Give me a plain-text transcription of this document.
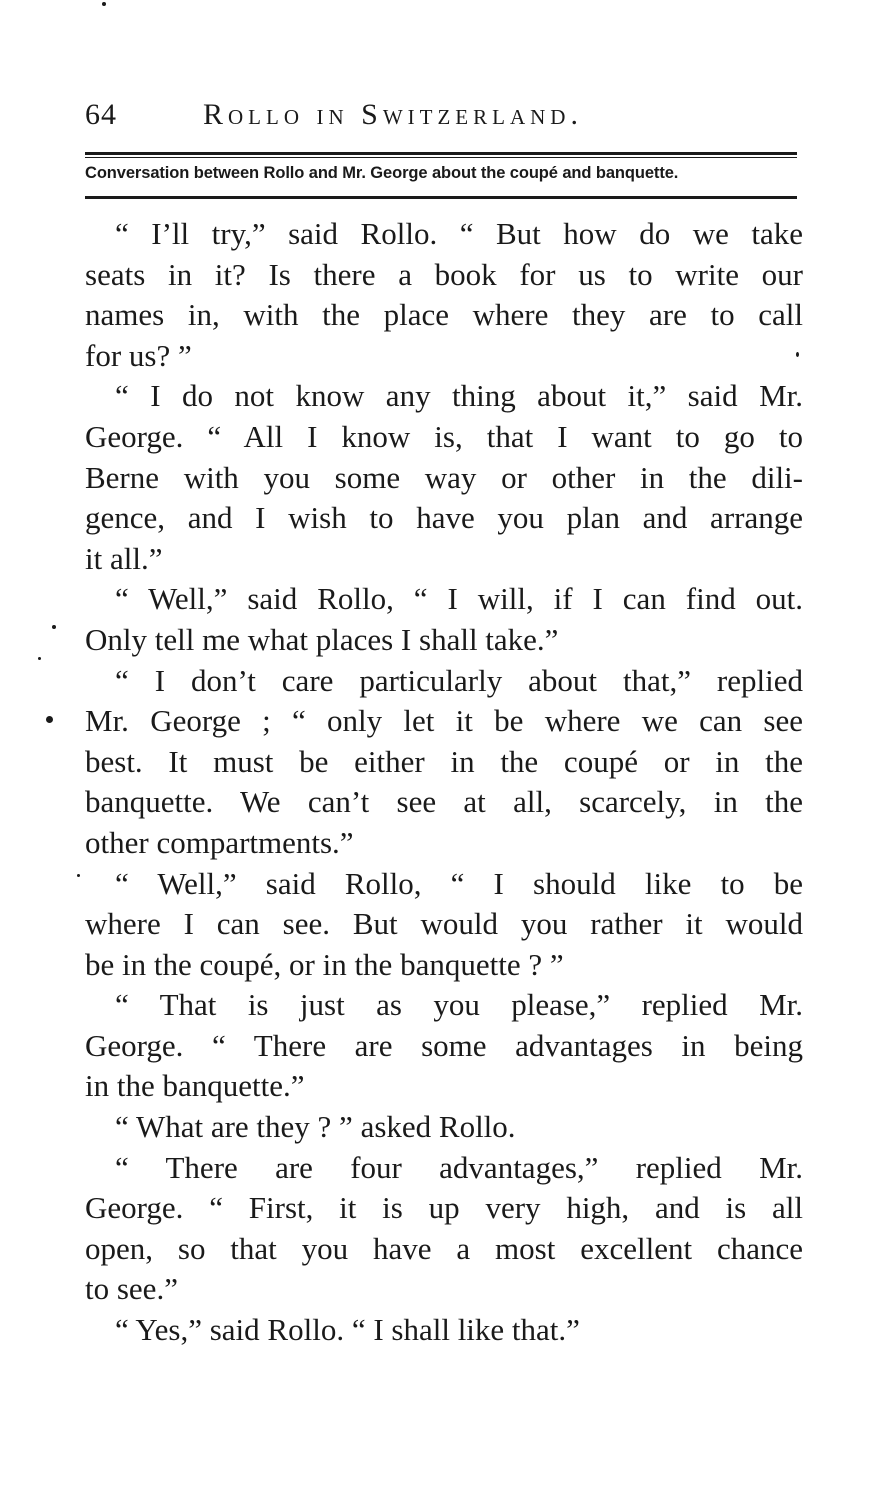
64	Rollo in Switzerland.
Conversation between Rollo and Mr. George about the coupé and banquette.
“ I’ll try,” said Rollo. “ But how do we take
seats in it? Is there a book for us to write our
names in, with the place where they are to call
for us? ”
“ I do not know any thing about it,” said Mr.
George. “ All I know is, that I want to go to
Berne with you some way or other in the dili-
gence, and I wish to have you plan and arrange
it all.”
“ Well,” said Rollo, “ I will, if I can find out.
Only tell me what places I shall take.”
“ I don’t care particularly about that,” replied
Mr. George ; “ only let it be where we can see
best. It must be either in the coupé or in the
banquette. We can’t see at all, scarcely, in the
other compartments.”
“ Well,” said Rollo, “ I should like to be
where I can see. But would you rather it would
be in the coupé, or in the banquette ? ”
“ That is just as you please,” replied Mr.
George. “ There are some advantages in being
in the banquette.”
“ What are they ? ” asked Rollo.
“ There are four advantages,” replied Mr.
George. “ First, it is up very high, and is all
open, so that you have a most excellent chance
to see.”
“ Yes,” said Rollo. “ I shall like that.”
